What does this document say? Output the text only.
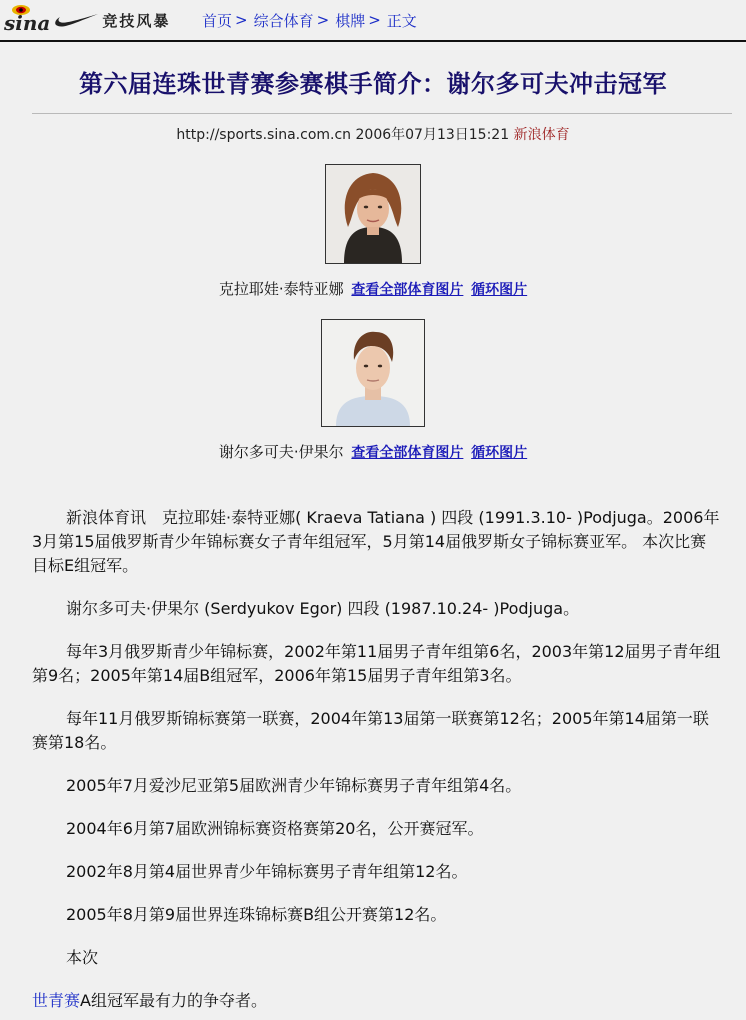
sina	竞技风暴 首页 > 综合体育 > 棋牌 > 正文
第六届连珠世青赛参赛棋手简介：谢尔多可夫冲击冠军
http://sports.sina.com.cn 2006年07月13日15:21 新浪体育
克拉耶娃·泰特亚娜 查看全部体育图片 循环图片
谢尔多可夫·伊果尔 查看全部体育图片 循环图片

新浪体育讯　克拉耶娃·泰特亚娜( Kraeva Tatiana ) 四段 (1991.3.10- )Podjuga。2006年3月第15届俄罗斯青少年锦标赛女子青年组冠军，5月第14届俄罗斯女子锦标赛亚军。 本次比赛目标E组冠军。

谢尔多可夫·伊果尔 (Serdyukov Egor) 四段 (1987.10.24- )Podjuga。

每年3月俄罗斯青少年锦标赛，2002年第11届男子青年组第6名，2003年第12届男子青年组第9名；2005年第14届B组冠军，2006年第15届男子青年组第3名。

每年11月俄罗斯锦标赛第一联赛，2004年第13届第一联赛第12名；2005年第14届第一联赛第18名。

2005年7月爱沙尼亚第5届欧洲青少年锦标赛男子青年组第4名。

2004年6月第7届欧洲锦标赛资格赛第20名，公开赛冠军。

2002年8月第4届世界青少年锦标赛男子青年组第12名。

2005年8月第9届世界连珠锦标赛B组公开赛第12名。

本次

世青赛A组冠军最有力的争夺者。
